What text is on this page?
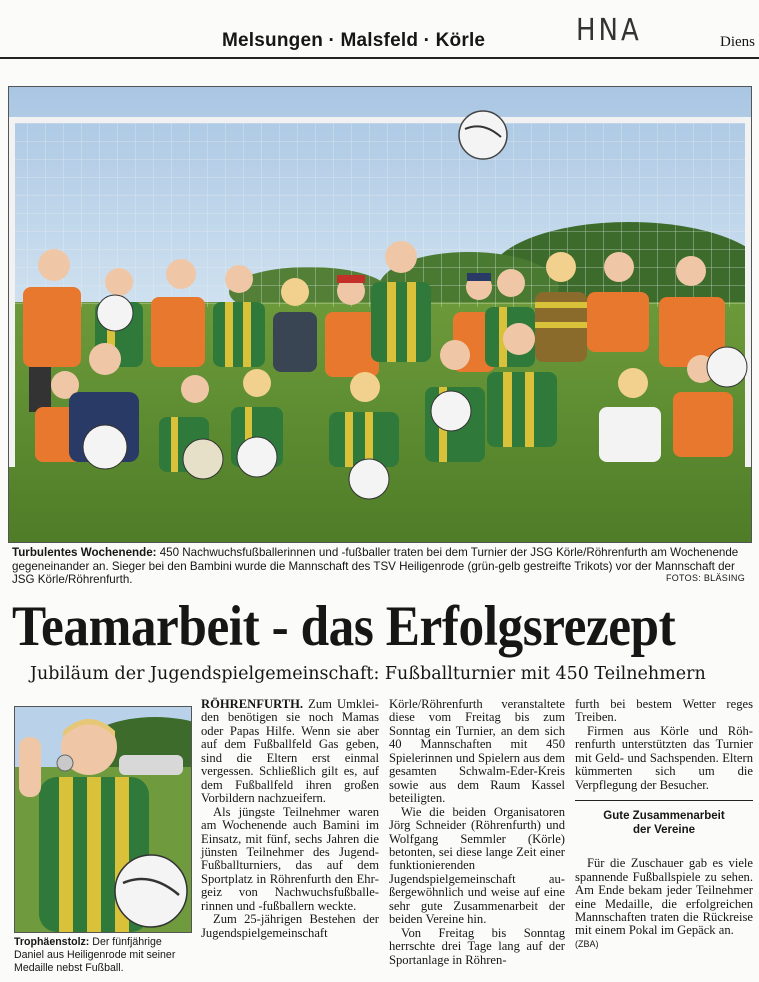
HNA
Melsungen · Malsfeld · Körle	Diens
Turbulentes Wochenende: 450 Nachwuchsfußballerinnen und -fußballer traten bei dem Turnier der JSG Körle/Röhrenfurth am Wochenende gegeneinander an. Sieger bei den Bambini wurde die Mannschaft des TSV Heiligenrode (grün-gelb gestreifte Trikots) vor der Mannschaft der JSG Körle/Röhrenfurth.	FOTOS: BLÄSING
Teamarbeit - das Erfolgsrezept
Jubiläum der Jugendspielgemeinschaft: Fußballturnier mit 450 Teilnehmern
Trophäenstolz: Der fünfjährige Daniel aus Heiligenrode mit seiner Medaille nebst Fußball.

RÖHRENFURTH. Zum Umkleiden benötigen sie noch Mamas oder Papas Hilfe. Wenn sie aber auf dem Fußballfeld Gas geben, sind die Eltern erst einmal vergessen. Schließlich gilt es, auf dem Fußballfeld ihren großen Vorbildern nachzueifern.

Als jüngste Teilnehmer waren am Wochenende auch Bamini im Einsatz, mit fünf, sechs Jahren die jünsten Teilnehmer des Jugend-Fußballturniers, das auf dem Sportplatz in Röhrenfurth den Ehrgeiz von Nachwuchsfußballerinnen und -fußballern weckte.

Zum 25-jährigen Bestehen der Jugendspielgemeinschaft

Körle/Röhrenfurth veranstaltete diese vom Freitag bis zum Sonntag ein Turnier, an dem sich 40 Mannschaften mit 450 Spielerinnen und Spielern aus dem gesamten Schwalm-Eder-Kreis sowie aus dem Raum Kassel beteiligten.

Wie die beiden Organisatoren Jörg Schneider (Röhrenfurth) und Wolfgang Semmler (Körle) betonten, sei diese lange Zeit einer funktionierenden Jugendspielgemeinschaft außergewöhnlich und weise auf eine sehr gute Zusammenarbeit der beiden Vereine hin.

Von Freitag bis Sonntag herrschte drei Tage lang auf der Sportanlage in Röhren-

furth bei bestem Wetter reges Treiben.

Firmen aus Körle und Röhrenfurth unterstützten das Turnier mit Geld- und Sachspenden. Eltern kümmerten sich um die Verpflegung der Besucher.

Gute Zusammenarbeit
der Vereine

Für die Zuschauer gab es viele spannende Fußballspiele zu sehen. Am Ende bekam jeder Teilnehmer eine Medaille, die erfolgreichen Mannschaften traten die Rückreise mit einem Pokal im Gepäck an.

(ZBA)
